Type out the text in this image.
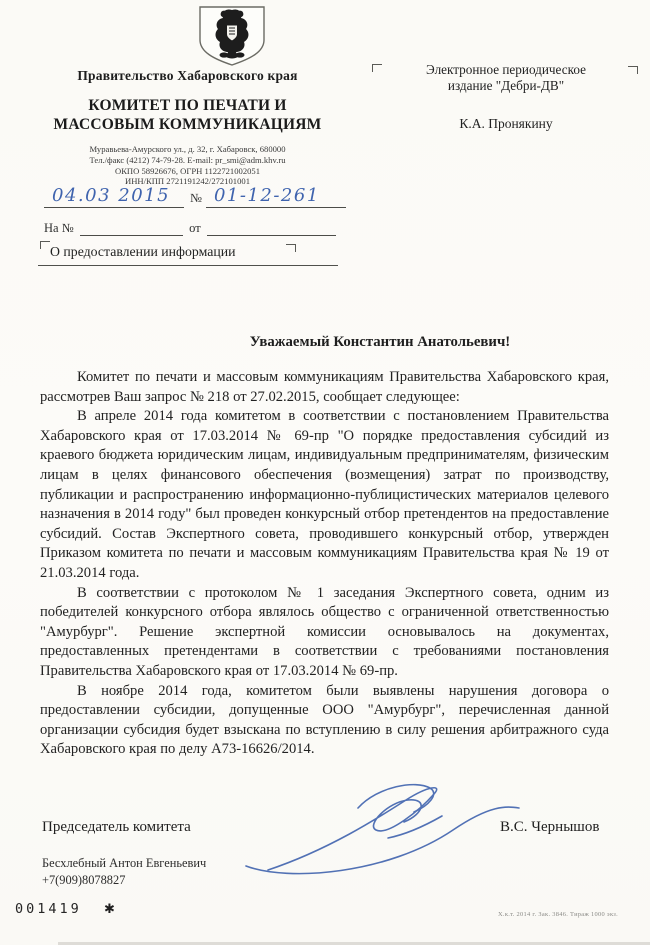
Правительство Хабаровского края
КОМИТЕТ ПО ПЕЧАТИ И
МАССОВЫМ КОММУНИКАЦИЯМ
Муравьева-Амурского ул., д. 32, г. Хабаровск, 680000
Тел./факс (4212) 74-79-28. E-mail: pr_smi@adm.khv.ru
ОКПО 58926676, ОГРН 1122721002051
ИНН/КПП 2721191242/272101001
04.03 2015	№ 01-12-261
На №	от
О предоставлении информации
Электронное периодическое
издание "Дебри-ДВ"
К.А. Пронякину
Уважаемый Константин Анатольевич!

Комитет по печати и массовым коммуникациям Правительства Хабаровского края, рассмотрев Ваш запрос № 218 от 27.02.2015, сообщает следующее:

В апреле 2014 года комитетом в соответствии с постановлением Правительства Хабаровского края от 17.03.2014 № 69-пр "О порядке предоставления субсидий из краевого бюджета юридическим лицам, индивидуальным предпринимателям, физическим лицам в целях финансового обеспечения (возмещения) затрат по производству, публикации и распространению информационно-публицистических материалов целевого назначения в 2014 году" был проведен конкурсный отбор претендентов на предоставление субсидий. Состав Экспертного совета, проводившего конкурсный отбор, утвержден Приказом комитета по печати и массовым коммуникациям Правительства края № 19 от 21.03.2014 года.

В соответствии с протоколом № 1 заседания Экспертного совета, одним из победителей конкурсного отбора являлось общество с ограниченной ответственностью "Амурбург". Решение экспертной комиссии основывалось на документах, предоставленных претендентами в соответствии с требованиями постановления Правительства Хабаровского края от 17.03.2014 № 69-пр.

В ноябре 2014 года, комитетом были выявлены нарушения договора о предоставлении субсидии, допущенные ООО "Амурбург", перечисленная данной организации субсидия будет взыскана по вступлению в силу решения арбитражного суда Хабаровского края по делу А73-16626/2014.

Председатель комитета	В.С. Чернышов
Бесхлебный Антон Евгеньевич
+7(909)8078827
001419 ✱	Х.к.т. 2014 г. Зак. 3846. Тираж 1000 экз.
